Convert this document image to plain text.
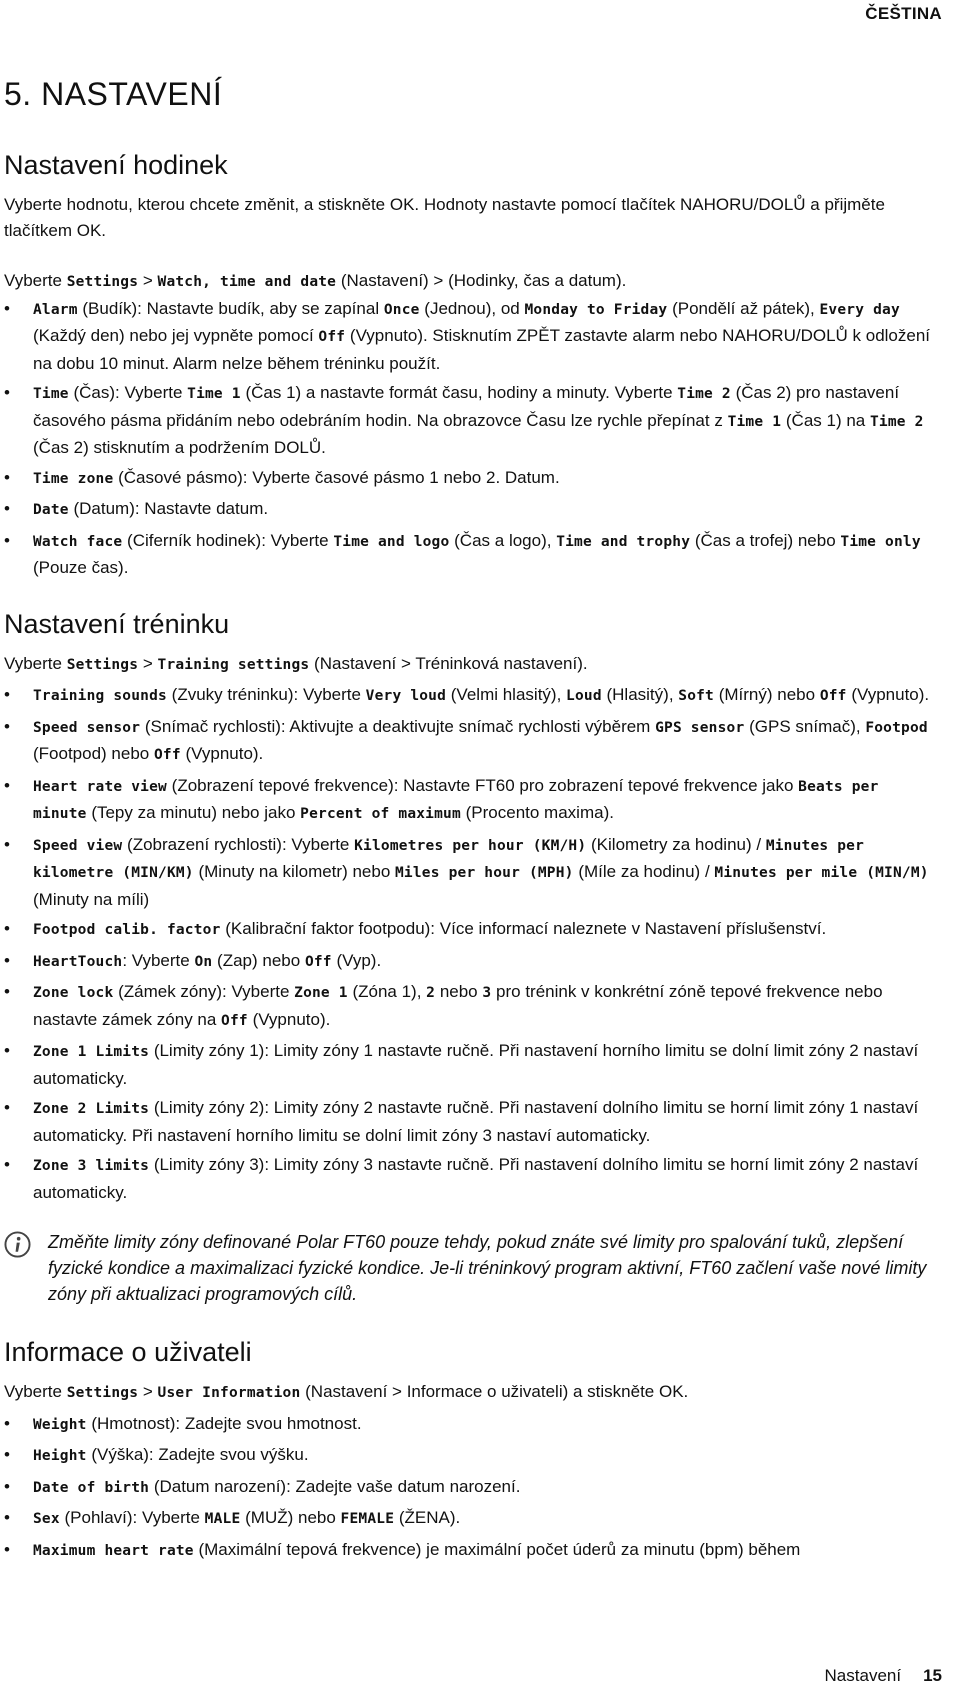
ČEŠTINA
5. NASTAVENÍ
Nastavení hodinek

Vyberte hodnotu, kterou chcete změnit, a stiskněte OK. Hodnoty nastavte pomocí tlačítek NAHORU/DOLŮ a přijměte tlačítkem OK.

Vyberte Settings > Watch, time and date (Nastavení) > (Hodinky, čas a datum).

• Alarm (Budík): Nastavte budík, aby se zapínal Once (Jednou), od Monday to Friday (Pondělí až pátek), Every day (Každý den) nebo jej vypněte pomocí Off (Vypnuto). Stisknutím ZPĚT zastavte alarm nebo NAHORU/DOLŮ k odložení na dobu 10 minut. Alarm nelze během tréninku použít.
• Time (Čas): Vyberte Time 1 (Čas 1) a nastavte formát času, hodiny a minuty. Vyberte Time 2 (Čas 2) pro nastavení časového pásma přidáním nebo odebráním hodin. Na obrazovce Času lze rychle přepínat z Time 1 (Čas 1) na Time 2 (Čas 2) stisknutím a podržením DOLŮ.
• Time zone (Časové pásmo): Vyberte časové pásmo 1 nebo 2. Datum.
• Date (Datum): Nastavte datum.
• Watch face (Ciferník hodinek): Vyberte Time and logo (Čas a logo), Time and trophy (Čas a trofej) nebo Time only (Pouze čas).
Nastavení tréninku

Vyberte Settings > Training settings (Nastavení > Tréninková nastavení).

• Training sounds (Zvuky tréninku): Vyberte Very loud (Velmi hlasitý), Loud (Hlasitý), Soft (Mírný) nebo Off (Vypnuto).
• Speed sensor (Snímač rychlosti): Aktivujte a deaktivujte snímač rychlosti výběrem GPS sensor (GPS snímač), Footpod (Footpod) nebo Off (Vypnuto).
• Heart rate view (Zobrazení tepové frekvence): Nastavte FT60 pro zobrazení tepové frekvence jako Beats per minute (Tepy za minutu) nebo jako Percent of maximum (Procento maxima).
• Speed view (Zobrazení rychlosti): Vyberte Kilometres per hour (KM/H) (Kilometry za hodinu) / Minutes per kilometre (MIN/KM) (Minuty na kilometr) nebo Miles per hour (MPH) (Míle za hodinu) / Minutes per mile (MIN/M) (Minuty na míli)
• Footpod calib. factor (Kalibrační faktor footpodu): Více informací naleznete v Nastavení příslušenství.
• HeartTouch: Vyberte On (Zap) nebo Off (Vyp).
• Zone lock (Zámek zóny): Vyberte Zone 1 (Zóna 1), 2 nebo 3 pro trénink v konkrétní zóně tepové frekvence nebo nastavte zámek zóny na Off (Vypnuto).
• Zone 1 Limits (Limity zóny 1): Limity zóny 1 nastavte ručně. Při nastavení horního limitu se dolní limit zóny 2 nastaví automaticky.
• Zone 2 Limits (Limity zóny 2): Limity zóny 2 nastavte ručně. Při nastavení dolního limitu se horní limit zóny 1 nastaví automaticky. Při nastavení horního limitu se dolní limit zóny 3 nastaví automaticky.
• Zone 3 limits (Limity zóny 3): Limity zóny 3 nastavte ručně. Při nastavení dolního limitu se horní limit zóny 2 nastaví automaticky.

Změňte limity zóny definované Polar FT60 pouze tehdy, pokud znáte své limity pro spalování tuků, zlepšení fyzické kondice a maximalizaci fyzické kondice. Je-li tréninkový program aktivní, FT60 začlení vaše nové limity zóny při aktualizaci programových cílů.

Informace o uživateli

Vyberte Settings > User Information (Nastavení > Informace o uživateli) a stiskněte OK.

• Weight (Hmotnost): Zadejte svou hmotnost.
• Height (Výška): Zadejte svou výšku.
• Date of birth (Datum narození): Zadejte vaše datum narození.
• Sex (Pohlaví): Vyberte MALE (MUŽ) nebo FEMALE (ŽENA).
• Maximum heart rate (Maximální tepová frekvence) je maximální počet úderů za minutu (bpm) během
Nastavení 15
